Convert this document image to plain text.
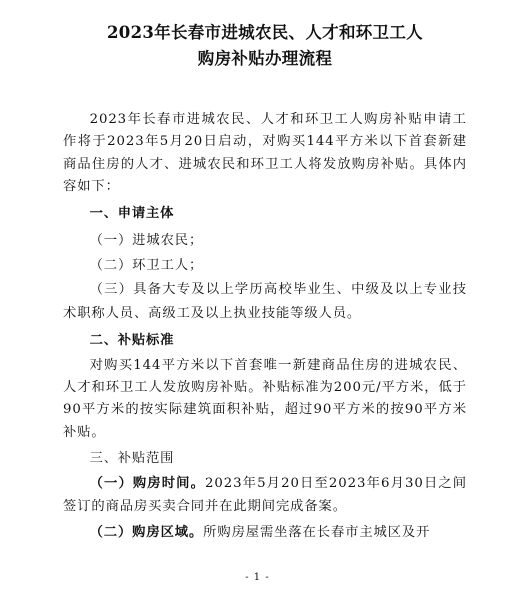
2023年长春市进城农民、人才和环卫工人
购房补贴办理流程

2023年长春市进城农民、人才和环卫工人购房补贴申请工作将于2023年5月20日启动，对购买144平方米以下首套新建商品住房的人才、进城农民和环卫工人将发放购房补贴。具体内容如下：

一、申请主体

（一）进城农民；

（二）环卫工人；

（三）具备大专及以上学历高校毕业生、中级及以上专业技术职称人员、高级工及以上执业技能等级人员。

二、补贴标准

对购买144平方米以下首套唯一新建商品住房的进城农民、人才和环卫工人发放购房补贴。补贴标准为200元/平方米，低于90平方米的按实际建筑面积补贴，超过90平方米的按90平方米补贴。

三、补贴范围

（一）购房时间。2023年5月20日至2023年6月30日之间签订的商品房买卖合同并在此期间完成备案。

（二）购房区域。所购房屋需坐落在长春市主城区及开

- 1 -
